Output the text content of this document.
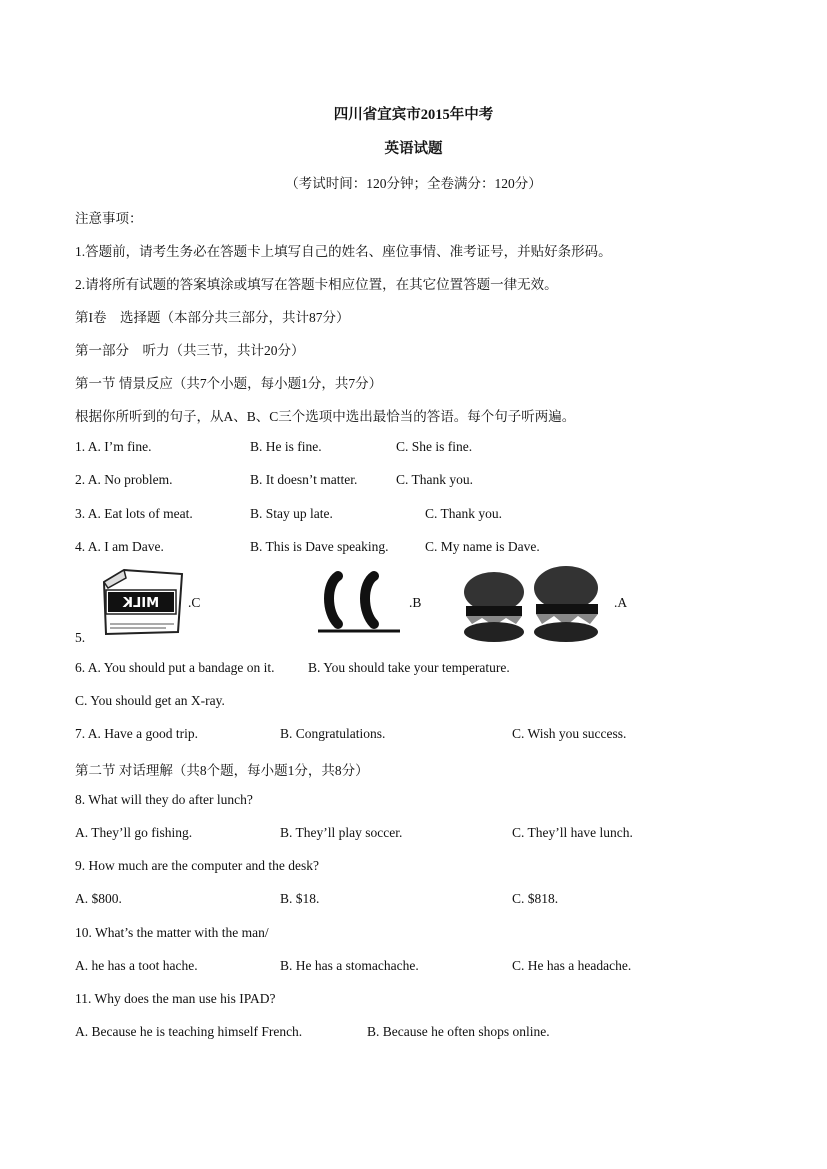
四川省宜宾市2015年中考
英语试题
（考试时间：120分钟；全卷满分：120分）
注意事项：
1.答题前，请考生务必在答题卡上填写自己的姓名、座位事情、准考证号，并贴好条形码。
2.请将所有试题的答案填涂或填写在答题卡相应位置，在其它位置答题一律无效。
第I卷　选择题（本部分共三部分，共计87分）
第一部分　听力（共三节，共计20分）
第一节 情景反应（共7个小题，每小题1分，共7分）
根据你所听到的句子，从A、B、C三个选项中选出最恰当的答语。每个句子听两遍。
1. A. I’m fine.	B. He is fine.	C. She is fine.
2. A. No problem.	B. It doesn’t matter.	C. Thank you.
3. A. Eat lots of meat.	B. Stay up late.	C. Thank you.
4. A. I am Dave.	B. This is Dave speaking.	C. My name is Dave.
5.
MILK .C	.B	.A
6. A. You should put a bandage on it. B. You should take your temperature.
C. You should get an X-ray.
7. A. Have a good trip.	B. Congratulations.	C. Wish you success.
第二节 对话理解（共8个题，每小题1分，共8分）
8. What will they do after lunch?
A. They’ll go fishing.	B. They’ll play soccer.	C. They’ll have lunch.
9. How much are the computer and the desk?
A. $800.	B. $18.	C. $818.
10. What’s the matter with the man/
A. he has a toot hache.	B. He has a stomachache.	C. He has a headache.
11. Why does the man use his IPAD?
A. Because he is teaching himself French.	B. Because he often shops online.
